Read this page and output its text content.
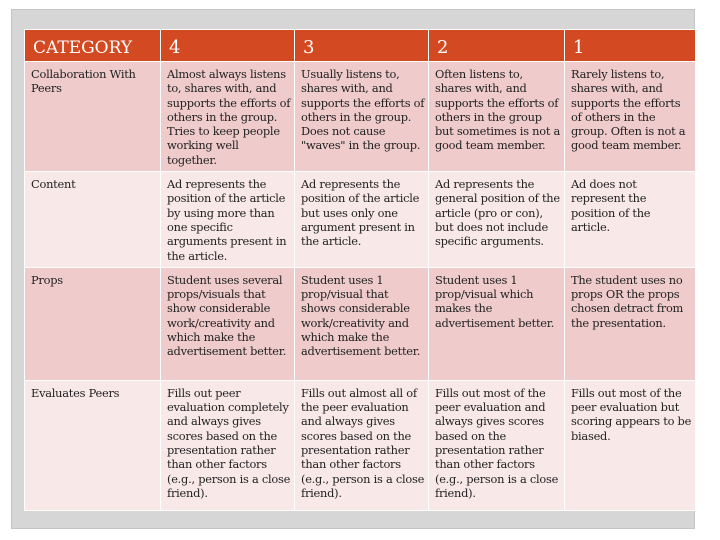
CATEGORY	4	3	2	1
Collaboration With Peers	Almost always listens to, shares with, and supports the efforts of others in the group. Tries to keep people working well together.	Usually listens to, shares with, and supports the efforts of others in the group. Does not cause "waves" in the group.	Often listens to, shares with, and supports the efforts of others in the group but sometimes is not a good team member.	Rarely listens to, shares with, and supports the efforts of others in the group. Often is not a good team member.
Content	Ad represents the position of the article by using more than one specific arguments present in the article.	Ad represents the position of the article but uses only one argument present in the article.	Ad represents the general position of the article (pro or con), but does not include specific arguments.	Ad does not represent the position of the article.
Props	Student uses several props/visuals that show considerable work/creativity and which make the advertisement better.	Student uses 1 prop/visual that shows considerable work/creativity and which make the advertisement better.	Student uses 1 prop/visual which makes the advertisement better.	The student uses no props OR the props chosen detract from the presentation.
Evaluates Peers	Fills out peer evaluation completely and always gives scores based on the presentation rather than other factors (e.g., person is a close friend).	Fills out almost all of the peer evaluation and always gives scores based on the presentation rather than other factors (e.g., person is a close friend).	Fills out most of the peer evaluation and always gives scores based on the presentation rather than other factors (e.g., person is a close friend).	Fills out most of the peer evaluation but scoring appears to be biased.
